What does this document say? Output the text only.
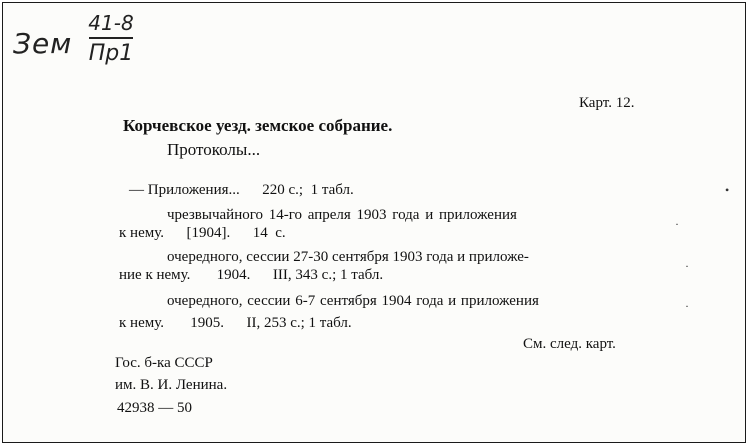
Зем
41-8
Пр1
Карт. 12.
Корчевское уезд. земское собрание.
Протоколы...
— Приложения...      220 с.;  1 табл.
чрезвычайного 14-го апреля 1903 года и приложения
к нему.      [1904].      14  с.
очередного, сессии 27-30 сентября 1903 года и приложе-
ние к нему.       1904.      III, 343 с.; 1 табл.
очередного, сессии 6-7 сентября 1904 года и приложения
к нему.       1905.      II, 253 с.; 1 табл.
См. след. карт.
Гос. б-ка СССР
им. В. И. Ленина.
42938 — 50
•
·
·
·
